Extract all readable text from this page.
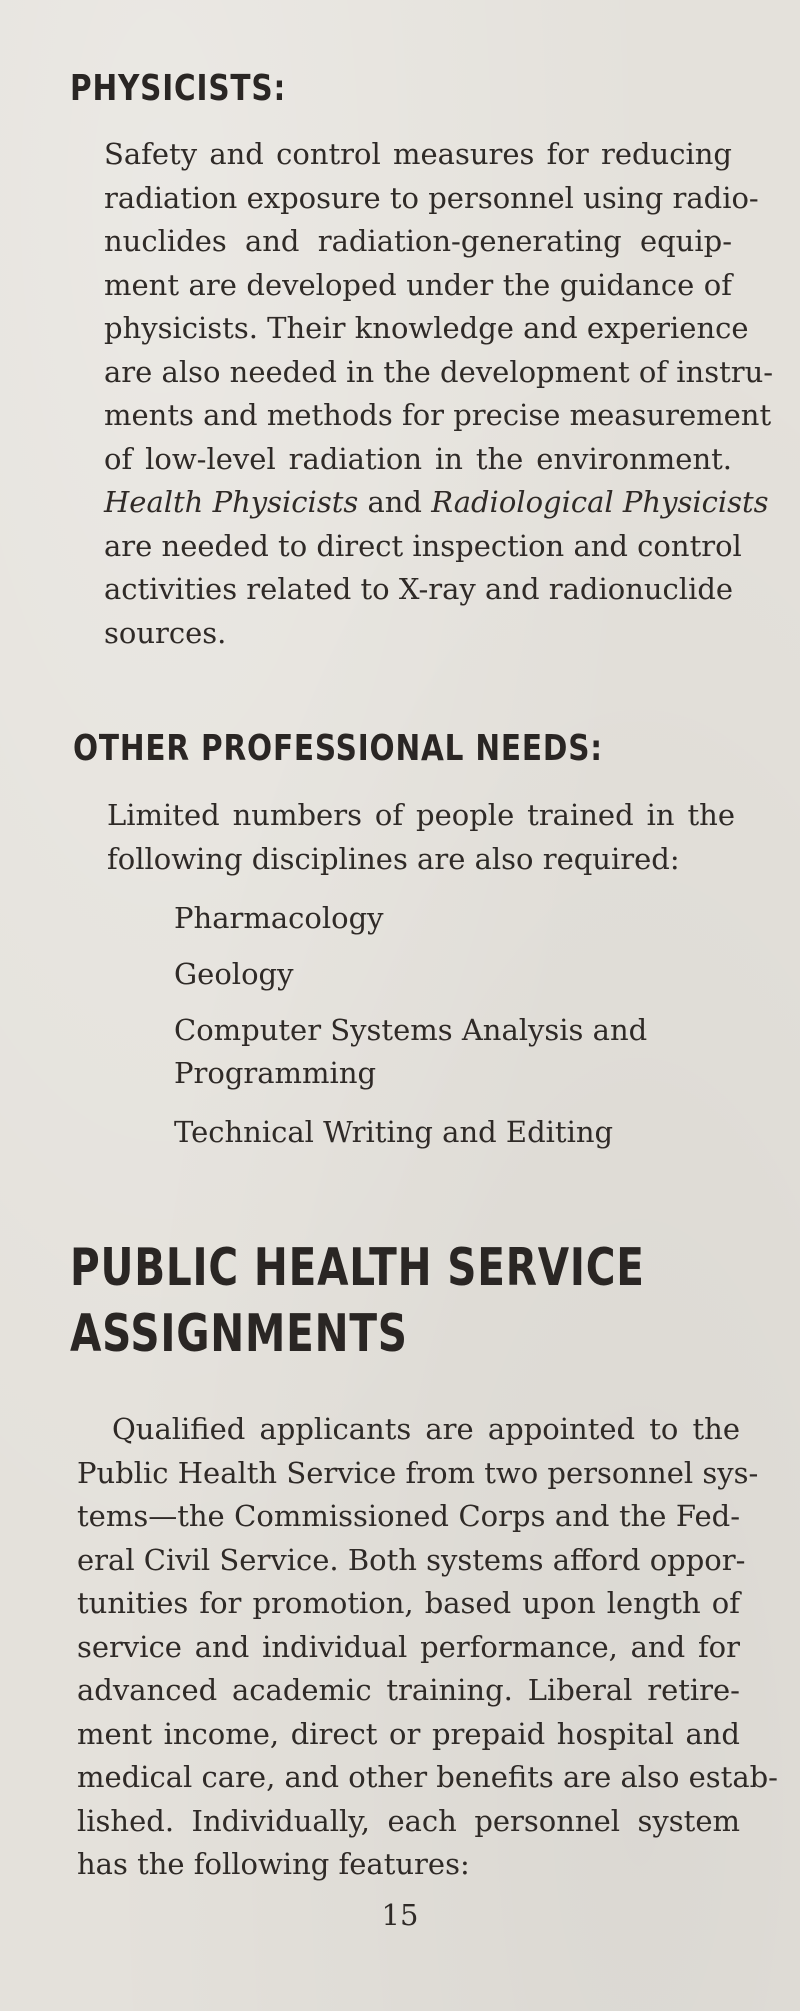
PHYSICISTS:
Safety and control measures for reducing
radiation exposure to personnel using radio-
nuclides and radiation-generating equip-
ment are developed under the guidance of
physicists. Their knowledge and experience
are also needed in the development of instru-
ments and methods for precise measurement
of low-level radiation in the environment.
Health Physicists and Radiological Physicists
are needed to direct inspection and control
activities related to X-ray and radionuclide
sources.
OTHER PROFESSIONAL NEEDS:
Limited numbers of people trained in the
following disciplines are also required:
Pharmacology
Geology
Computer Systems Analysis and
Programming
Technical Writing and Editing
PUBLIC HEALTH SERVICE
ASSIGNMENTS
Qualified applicants are appointed to the
Public Health Service from two personnel sys-
tems—the Commissioned Corps and the Fed-
eral Civil Service. Both systems afford oppor-
tunities for promotion, based upon length of
service and individual performance, and for
advanced academic training. Liberal retire-
ment income, direct or prepaid hospital and
medical care, and other benefits are also estab-
lished. Individually, each personnel system
has the following features:
15
